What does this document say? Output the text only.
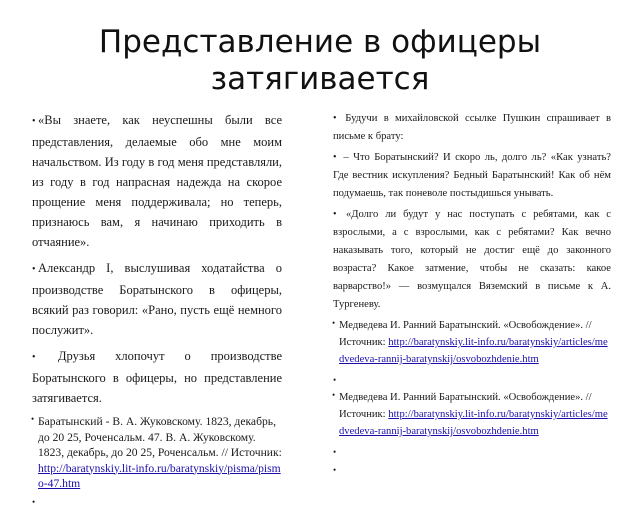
Представление в офицеры затягивается

• «Вы знаете, как неуспешны были все представления, делаемые обо мне моим начальством. Из году в год меня представляли, из году в год напрасная надежда на скорое прощение меня поддерживала; но теперь, признаюсь вам, я начинаю приходить в отчаяние».

• Александр I, выслушивая ходатайства о производстве Боратынского в офицеры, всякий раз говорил: «Рано, пусть ещё немного послужит».

• Друзья хлопочут о производстве Боратынского в офицеры, но представление затягивается.

• Баратынский - В. А. Жуковскому. 1823, декабрь, до 20 25, Роченсальм. 47. В. А. Жуковскому. 1823, декабрь, до 20 25, Роченсальм. // Источник: http://baratynskiy.lit-info.ru/baratynskiy/pisma/pismo-47.htm
•

• Будучи в михайловской ссылке Пушкин спрашивает в письме к брату:

• – Что Боратынский? И скоро ль, долго ль? «Как узнать? Где вестник искупления? Бедный Баратынский! Как об нём подумаешь, так поневоле постыдишься унывать.

• «Долго ли будут у нас поступать с ребятами, как с взрослыми, а с взрослыми, как с ребятами? Как вечно наказывать того, который не достиг ещё до законного возраста? Какое затмение, чтобы не сказать: какое варварство!» — возмущался Вяземский в письме к А. Тургеневу.

• Медведева И. Ранний Баратынский. «Освобождение». // Источник: http://baratynskiy.lit-info.ru/baratynskiy/articles/medvedeva-rannij-baratynskij/osvobozhdenie.htm
•
• Медведева И. Ранний Баратынский. «Освобождение». // Источник: http://baratynskiy.lit-info.ru/baratynskiy/articles/medvedeva-rannij-baratynskij/osvobozhdenie.htm
•
•
